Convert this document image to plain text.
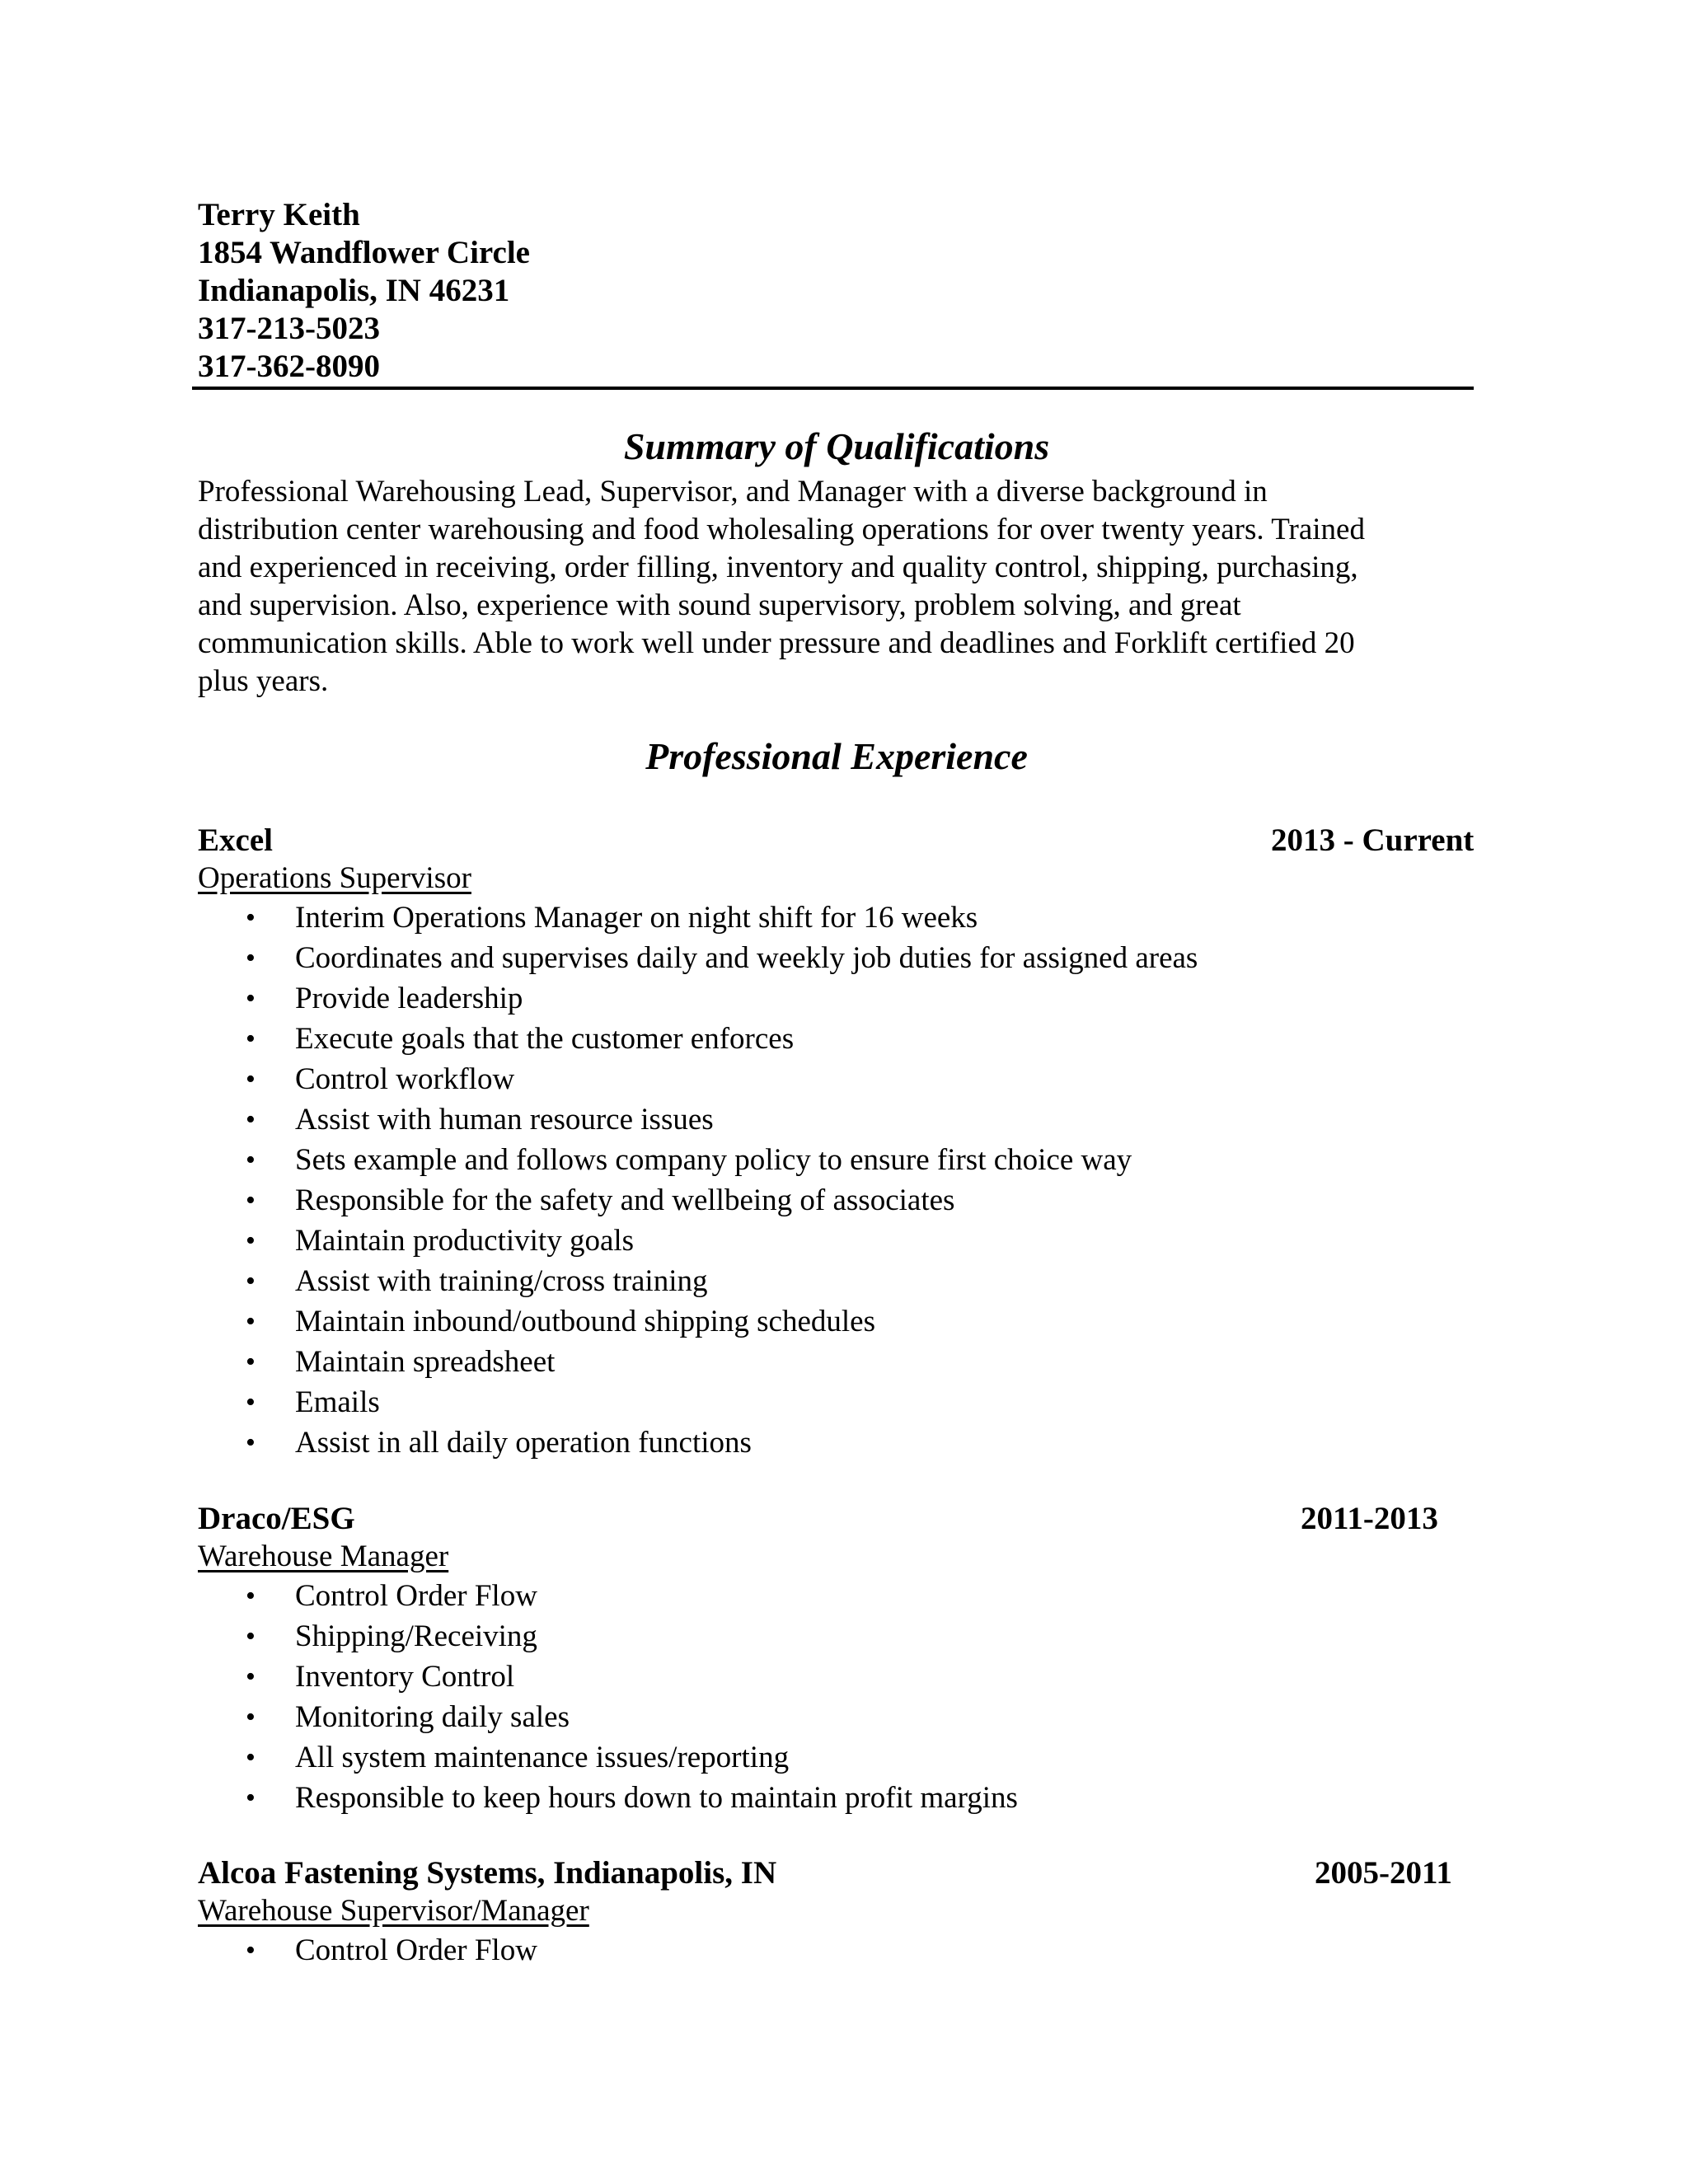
Terry Keith
1854 Wandflower Circle
Indianapolis, IN 46231
317-213-5023
317-362-8090
Summary of Qualifications
Professional Warehousing Lead, Supervisor, and Manager with a diverse background in
distribution center warehousing and food wholesaling operations for over twenty years. Trained
and experienced in receiving, order filling, inventory and quality control, shipping, purchasing,
and supervision. Also, experience with sound supervisory, problem solving, and great
communication skills. Able to work well under pressure and deadlines and Forklift certified 20
plus years.
Professional Experience
Excel	2013 - Current
Operations Supervisor
• Interim Operations Manager on night shift for 16 weeks
• Coordinates and supervises daily and weekly job duties for assigned areas
• Provide leadership
• Execute goals that the customer enforces
• Control workflow
• Assist with human resource issues
• Sets example and follows company policy to ensure first choice way
• Responsible for the safety and wellbeing of associates
• Maintain productivity goals
• Assist with training/cross training
• Maintain inbound/outbound shipping schedules
• Maintain spreadsheet
• Emails
• Assist in all daily operation functions
Draco/ESG	2011-2013
Warehouse Manager
• Control Order Flow
• Shipping/Receiving
• Inventory Control
• Monitoring daily sales
• All system maintenance issues/reporting
• Responsible to keep hours down to maintain profit margins
Alcoa Fastening Systems, Indianapolis, IN	2005-2011
Warehouse Supervisor/Manager
• Control Order Flow
